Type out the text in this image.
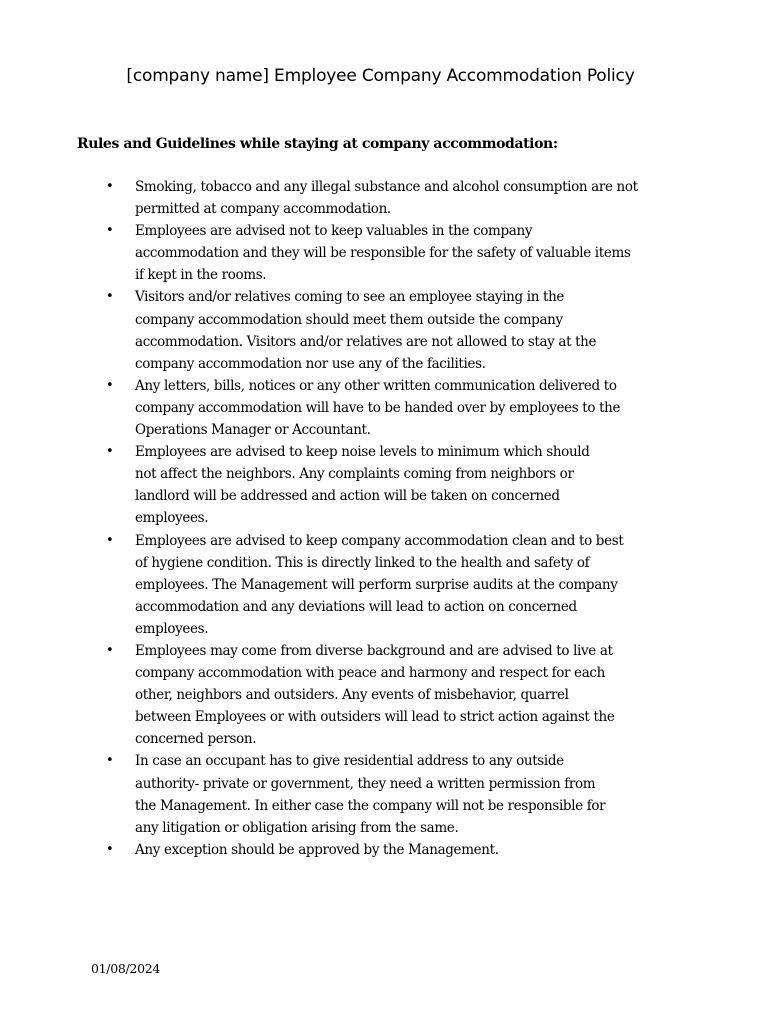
[company name] Employee Company Accommodation Policy

Rules and Guidelines while staying at company accommodation:

• Smoking, tobacco and any illegal substance and alcohol consumption are not
permitted at company accommodation.
• Employees are advised not to keep valuables in the company
accommodation and they will be responsible for the safety of valuable items
if kept in the rooms.
• Visitors and/or relatives coming to see an employee staying in the
company accommodation should meet them outside the company
accommodation. Visitors and/or relatives are not allowed to stay at the
company accommodation nor use any of the facilities.
• Any letters, bills, notices or any other written communication delivered to
company accommodation will have to be handed over by employees to the
Operations Manager or Accountant.
• Employees are advised to keep noise levels to minimum which should
not affect the neighbors. Any complaints coming from neighbors or
landlord will be addressed and action will be taken on concerned
employees.
• Employees are advised to keep company accommodation clean and to best
of hygiene condition. This is directly linked to the health and safety of
employees. The Management will perform surprise audits at the company
accommodation and any deviations will lead to action on concerned
employees.
• Employees may come from diverse background and are advised to live at
company accommodation with peace and harmony and respect for each
other, neighbors and outsiders. Any events of misbehavior, quarrel
between Employees or with outsiders will lead to strict action against the
concerned person.
• In case an occupant has to give residential address to any outside
authority- private or government, they need a written permission from
the Management. In either case the company will not be responsible for
any litigation or obligation arising from the same.
• Any exception should be approved by the Management.

01/08/2024
